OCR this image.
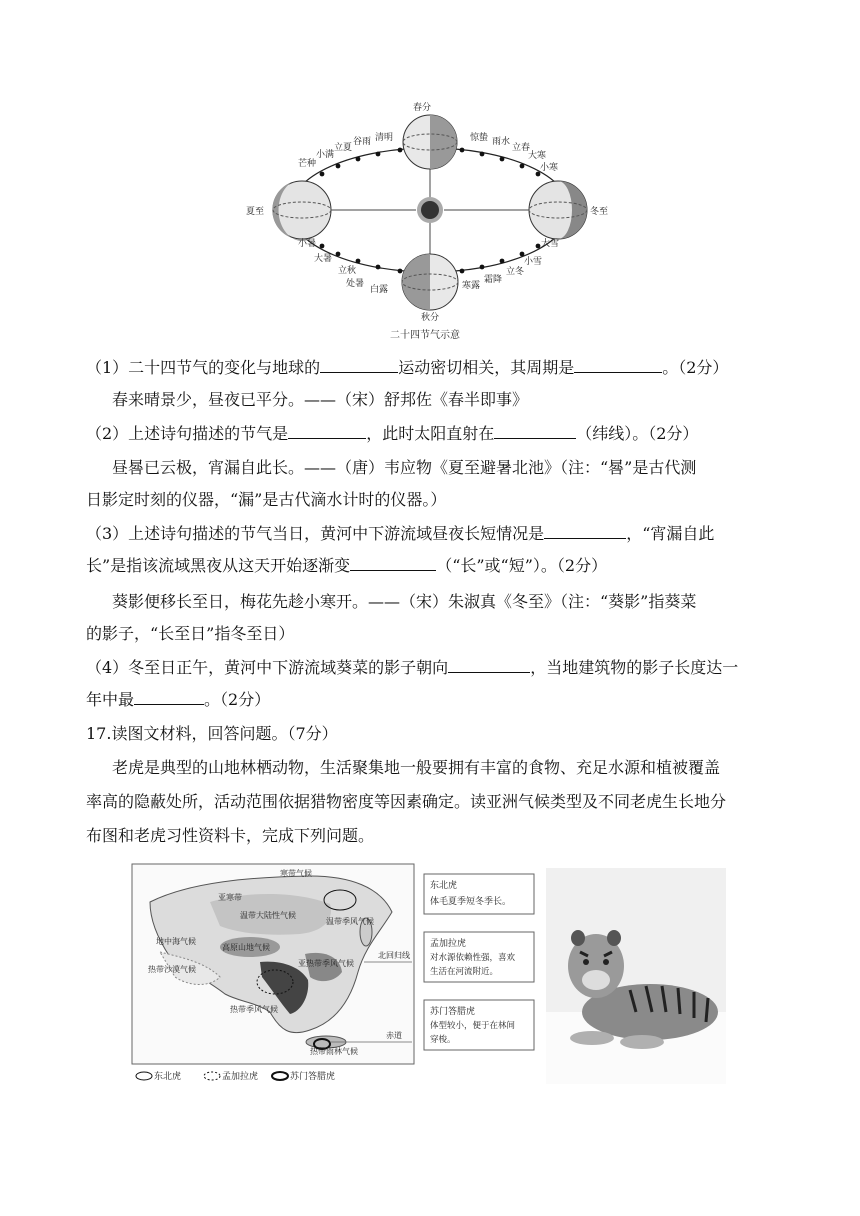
春分
清明
谷雨
立夏
小满
芒种
夏至
小暑
大暑
立秋
处暑
白露
秋分
寒露
霜降
立冬
小雪
大雪
冬至
小寒
大寒
立春
雨水
惊蛰
二十四节气示意

（1）二十四节气的变化与地球的	运动密切相关，其周期是	。（2分）

春来晴景少，昼夜已平分。——（宋）舒邦佐《春半即事》

（2）上述诗句描述的节气是	，此时太阳直射在	（纬线）。（2分）

昼晷已云极，宵漏自此长。——（唐）韦应物《夏至避暑北池》（注：“晷”是古代测

日影定时刻的仪器，“漏”是古代滴水计时的仪器。）

（3）上述诗句描述的节气当日，黄河中下游流域昼夜长短情况是	，“宵漏自此

长”是指该流域黑夜从这天开始逐渐变	（“长”或“短”）。（2分）

葵影便移长至日，梅花先趁小寒开。——（宋）朱淑真《冬至》（注：“葵影”指葵菜

的影子，“长至日”指冬至日）

（4）冬至日正午，黄河中下游流域葵菜的影子朝向	，当地建筑物的影子长度达一

年中最	。（2分）

17.读图文材料，回答问题。（7分）

老虎是典型的山地林栖动物，生活聚集地一般要拥有丰富的食物、充足水源和植被覆盖

率高的隐蔽处所，活动范围依据猎物密度等因素确定。读亚洲气候类型及不同老虎生长地分

布图和老虎习性资料卡，完成下列问题。

寒带气候
亚寒带
温带大陆性气候
温带季风气候
地中海气候
高原山地气候
亚热带季风气候
热带沙漠气候
热带季风气候
热带雨林气候
北回归线
赤道
东北虎	孟加拉虎	苏门答腊虎
东北虎
体毛夏季短冬季长。
孟加拉虎
对水源依赖性强，喜欢
生活在河流附近。
苏门答腊虎
体型较小，便于在林间
穿梭。
